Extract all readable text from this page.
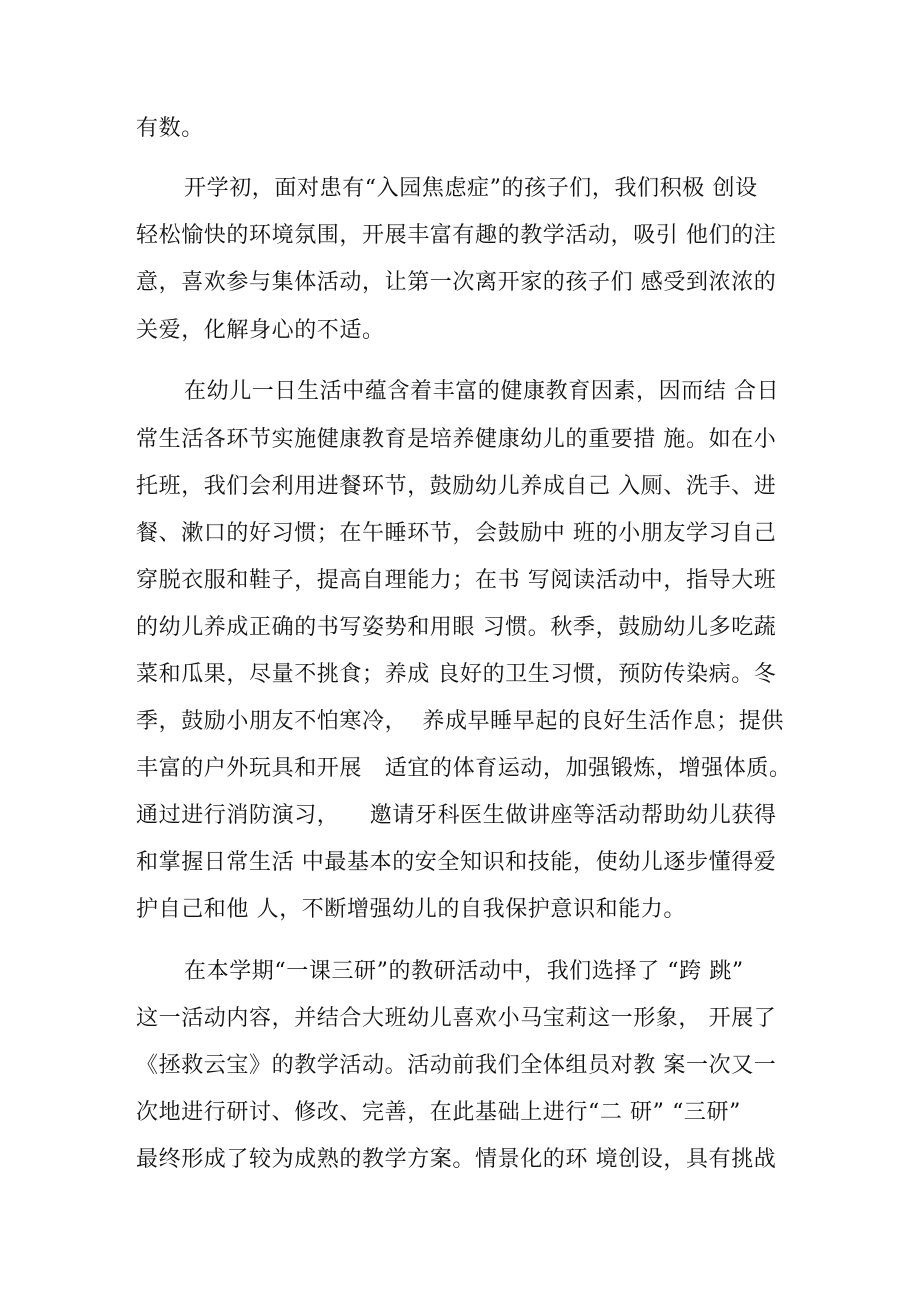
有数。
开学初，面对患有“入园焦虑症”的孩子们，我们积极 创设
轻松愉快的环境氛围，开展丰富有趣的教学活动，吸引 他们的注
意，喜欢参与集体活动，让第一次离开家的孩子们 感受到浓浓的
关爱，化解身心的不适。
在幼儿一日生活中蕴含着丰富的健康教育因素，因而结 合日
常生活各环节实施健康教育是培养健康幼儿的重要措 施。如在小
托班，我们会利用进餐环节，鼓励幼儿养成自己 入厕、洗手、进
餐、漱口的好习惯；在午睡环节，会鼓励中 班的小朋友学习自己
穿脱衣服和鞋子，提高自理能力；在书 写阅读活动中，指导大班
的幼儿养成正确的书写姿势和用眼 习惯。秋季，鼓励幼儿多吃蔬
菜和瓜果，尽量不挑食；养成 良好的卫生习惯，预防传染病。冬
季，鼓励小朋友不怕寒冷，  养成早睡早起的良好生活作息；提供
丰富的户外玩具和开展   适宜的体育运动，加强锻炼，增强体质。
通过进行消防演习，    邀请牙科医生做讲座等活动帮助幼儿获得
和掌握日常生活 中最基本的安全知识和技能，使幼儿逐步懂得爱
护自己和他 人，不断增强幼儿的自我保护意识和能力。
在本学期“一课三研”的教研活动中，我们选择了 “跨 跳”
这一活动内容，并结合大班幼儿喜欢小马宝莉这一形象， 开展了
《拯救云宝》的教学活动。活动前我们全体组员对教 案一次又一
次地进行研讨、修改、完善，在此基础上进行“二 研” “三研”
最终形成了较为成熟的教学方案。情景化的环 境创设，具有挑战
